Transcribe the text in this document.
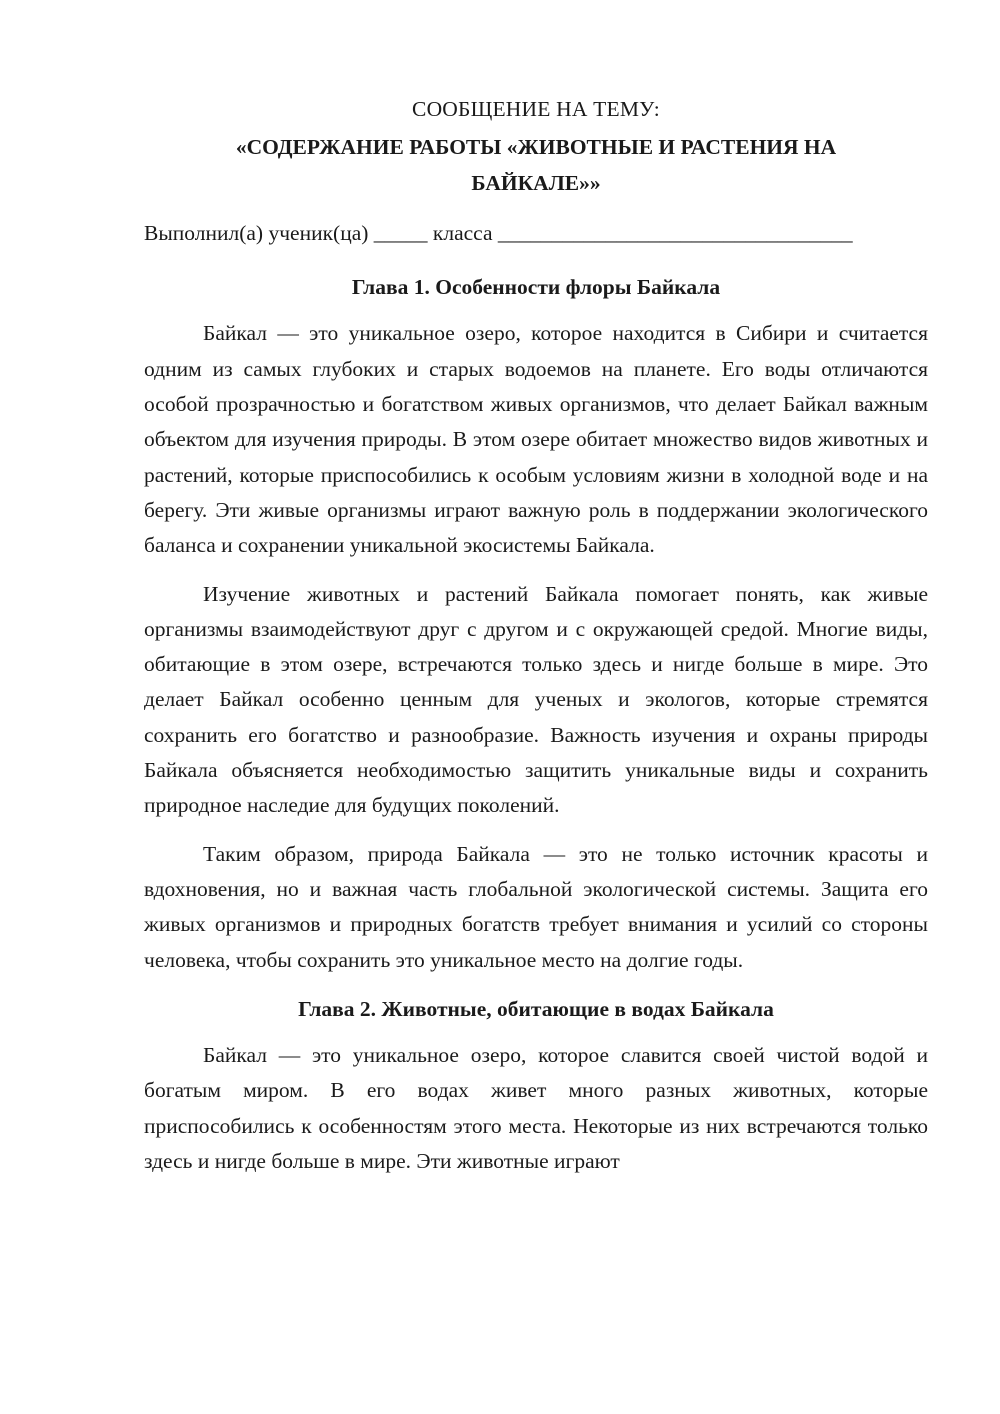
СООБЩЕНИЕ НА ТЕМУ:

«СОДЕРЖАНИЕ РАБОТЫ «ЖИВОТНЫЕ И РАСТЕНИЯ НА БАЙКАЛЕ»»

Выполнил(а) ученик(ца) _____ класса _________________________________

Глава 1. Особенности флоры Байкала

Байкал — это уникальное озеро, которое находится в Сибири и считается одним из самых глубоких и старых водоемов на планете. Его воды отличаются особой прозрачностью и богатством живых организмов, что делает Байкал важным объектом для изучения природы. В этом озере обитает множество видов животных и растений, которые приспособились к особым условиям жизни в холодной воде и на берегу. Эти живые организмы играют важную роль в поддержании экологического баланса и сохранении уникальной экосистемы Байкала.

Изучение животных и растений Байкала помогает понять, как живые организмы взаимодействуют друг с другом и с окружающей средой. Многие виды, обитающие в этом озере, встречаются только здесь и нигде больше в мире. Это делает Байкал особенно ценным для ученых и экологов, которые стремятся сохранить его богатство и разнообразие. Важность изучения и охраны природы Байкала объясняется необходимостью защитить уникальные виды и сохранить природное наследие для будущих поколений.

Таким образом, природа Байкала — это не только источник красоты и вдохновения, но и важная часть глобальной экологической системы. Защита его живых организмов и природных богатств требует внимания и усилий со стороны человека, чтобы сохранить это уникальное место на долгие годы.

Глава 2. Животные, обитающие в водах Байкала

Байкал — это уникальное озеро, которое славится своей чистой водой и богатым миром. В его водах живет много разных животных, которые приспособились к особенностям этого места. Некоторые из них встречаются только здесь и нигде больше в мире. Эти животные играют
